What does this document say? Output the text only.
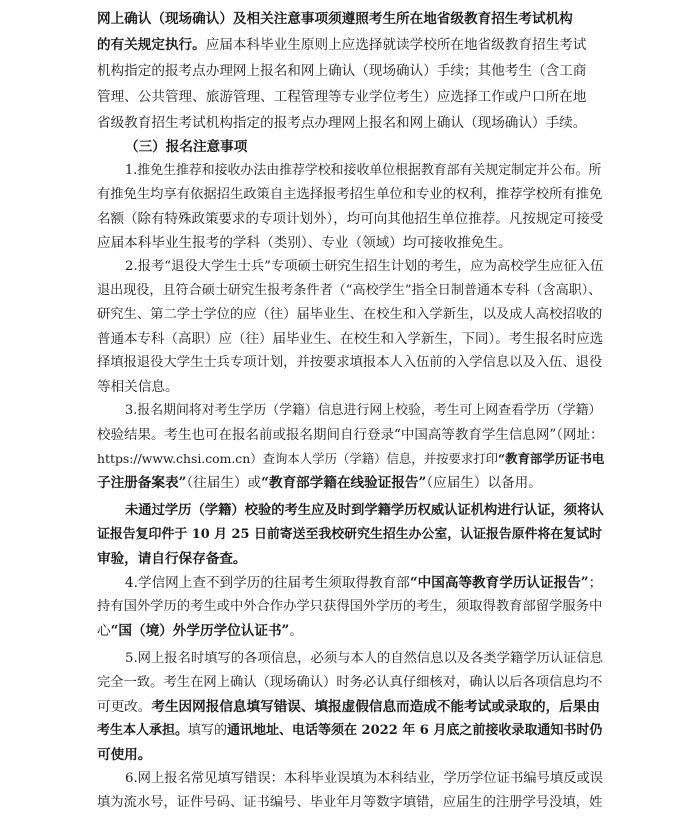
网上确认（现场确认）及相关注意事项须遵照考生所在地省级教育招生考试机构
的有关规定执行。应届本科毕业生原则上应选择就读学校所在地省级教育招生考试
机构指定的报考点办理网上报名和网上确认（现场确认）手续；其他考生（含工商
管理、公共管理、旅游管理、工程管理等专业学位考生）应选择工作或户口所在地
省级教育招生考试机构指定的报考点办理网上报名和网上确认（现场确认）手续。
（三）报名注意事项
1.推免生推荐和接收办法由推荐学校和接收单位根据教育部有关规定制定并公布。所
有推免生均享有依据招生政策自主选择报考招生单位和专业的权利，推荐学校所有推免
名额（除有特殊政策要求的专项计划外），均可向其他招生单位推荐。凡按规定可接受
应届本科毕业生报考的学科（类别）、专业（领域）均可接收推免生。
2.报考“退役大学生士兵”专项硕士研究生招生计划的考生，应为高校学生应征入伍
退出现役，且符合硕士研究生报考条件者（“高校学生”指全日制普通本专科（含高职）、
研究生、第二学士学位的应（往）届毕业生、在校生和入学新生，以及成人高校招收的
普通本专科（高职）应（往）届毕业生、在校生和入学新生，下同）。考生报名时应选
择填报退役大学生士兵专项计划，并按要求填报本人入伍前的入学信息以及入伍、退役
等相关信息。
3.报名期间将对考生学历（学籍）信息进行网上校验，考生可上网查看学历（学籍）
校验结果。考生也可在报名前或报名期间自行登录“中国高等教育学生信息网”（网址：
https://www.chsi.com.cn）查询本人学历（学籍）信息，并按要求打印“教育部学历证书电
子注册备案表”（往届生）或“教育部学籍在线验证报告”（应届生）以备用。
未通过学历（学籍）校验的考生应及时到学籍学历权威认证机构进行认证，须将认
证报告复印件于 10 月 25 日前寄送至我校研究生招生办公室，认证报告原件将在复试时
审验，请自行保存备查。
4.学信网上查不到学历的往届考生须取得教育部“中国高等教育学历认证报告”；
持有国外学历的考生或中外合作办学只获得国外学历的考生，须取得教育部留学服务中
心“国（境）外学历学位认证书”。
5.网上报名时填写的各项信息，必须与本人的自然信息以及各类学籍学历认证信息
完全一致。考生在网上确认（现场确认）时务必认真仔细核对，确认以后各项信息均不
可更改。考生因网报信息填写错误、填报虚假信息而造成不能考试或录取的，后果由
考生本人承担。填写的通讯地址、电话等须在 2022 年 6 月底之前接收录取通知书时仍
可使用。
6.网上报名常见填写错误：本科毕业误填为本科结业，学历学位证书编号填反或误
填为流水号，证件号码、证书编号、毕业年月等数字填错，应届生的注册学号没填，姓
